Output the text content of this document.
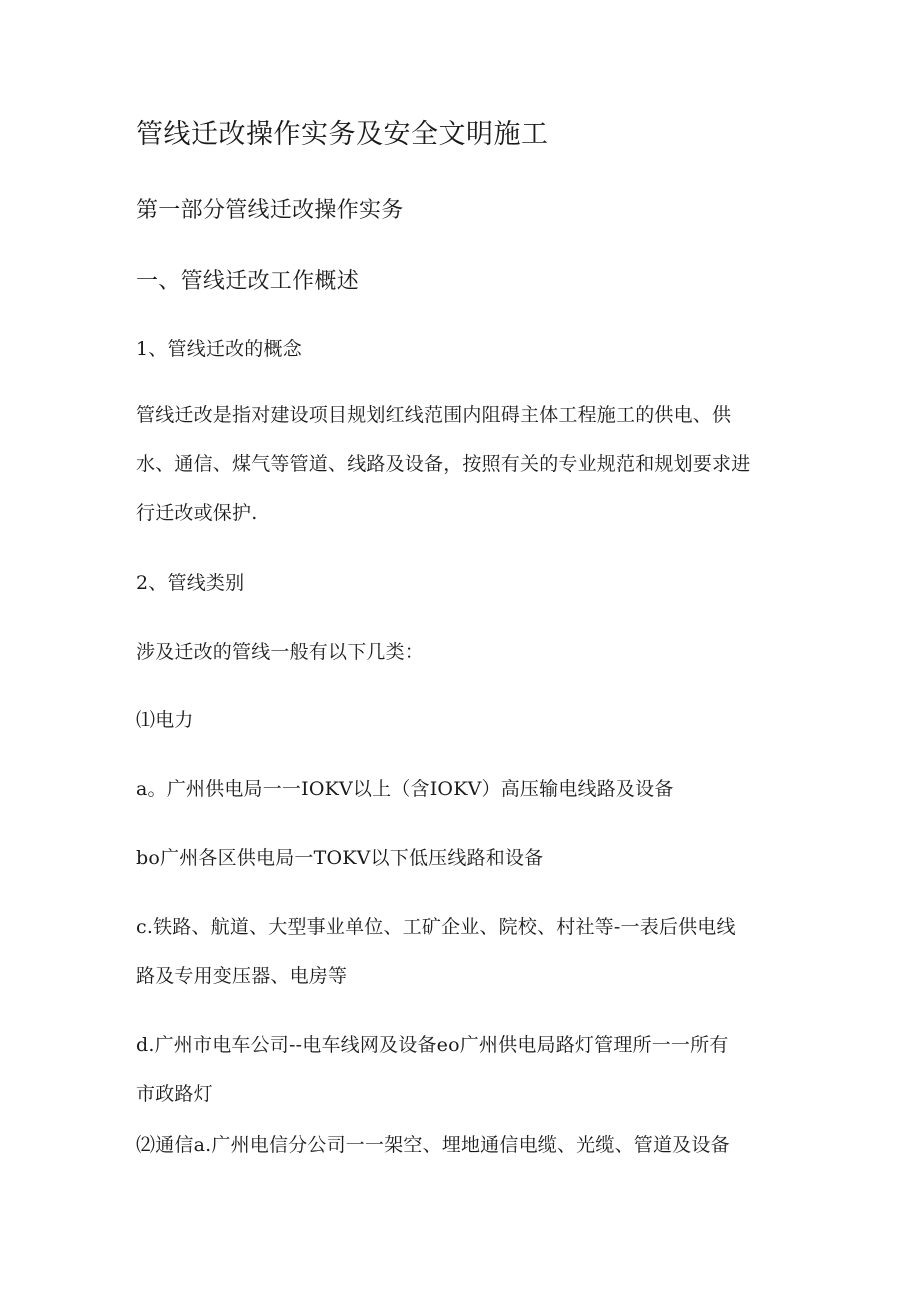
管线迁改操作实务及安全文明施工
第一部分管线迁改操作实务
一、管线迁改工作概述
1、管线迁改的概念
管线迁改是指对建设项目规划红线范围内阻碍主体工程施工的供电、供
水、通信、煤气等管道、线路及设备，按照有关的专业规范和规划要求进
行迁改或保护.
2、管线类别
涉及迁改的管线一般有以下几类：
⑴电力
a。广州供电局一一IOKV以上（含IOKV）高压输电线路及设备
bo广州各区供电局一TOKV以下低压线路和设备
c.铁路、航道、大型事业单位、工矿企业、院校、村社等-一表后供电线
路及专用变压器、电房等
d.广州市电车公司--电车线网及设备eo广州供电局路灯管理所一一所有
市政路灯
⑵通信a.广州电信分公司一一架空、埋地通信电缆、光缆、管道及设备
